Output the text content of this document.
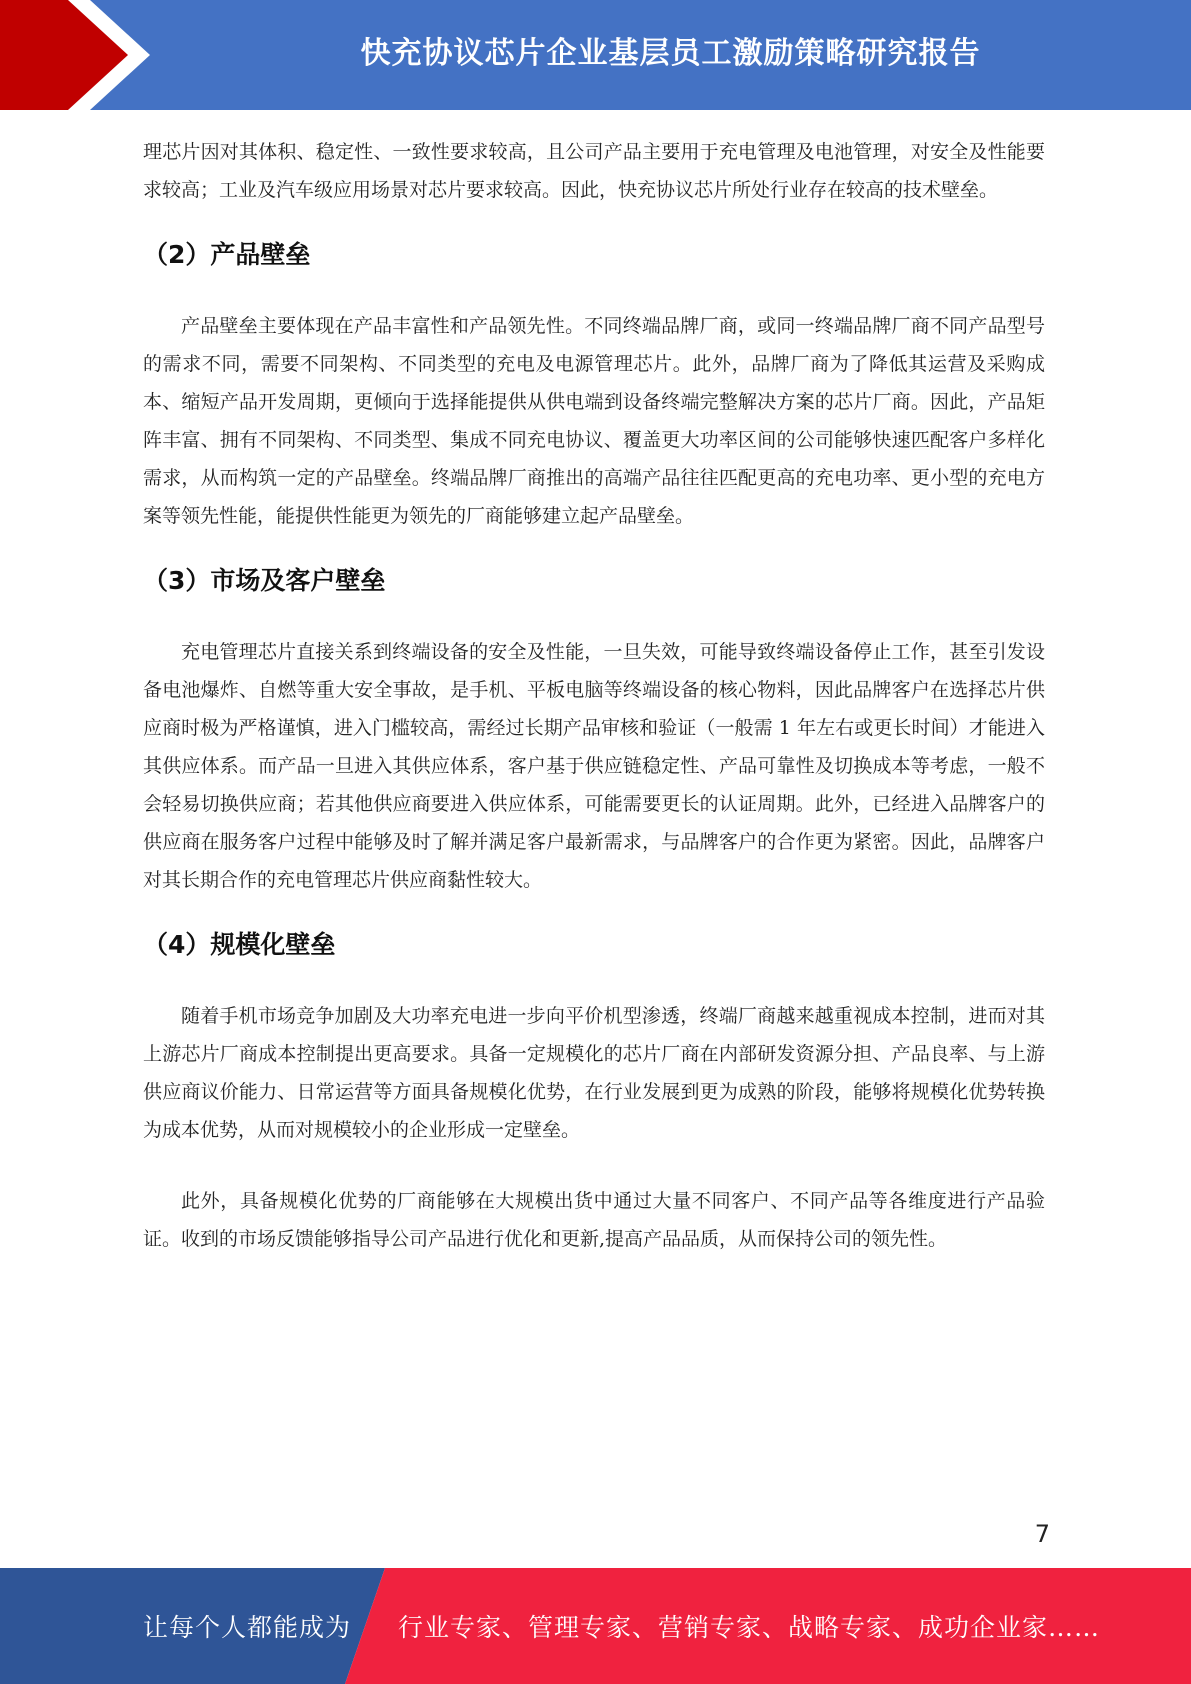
快充协议芯片企业基层员工激励策略研究报告

理芯片因对其体积、稳定性、一致性要求较高，且公司产品主要用于充电管理及电池管理，对安全及性能要求较高；工业及汽车级应用场景对芯片要求较高。因此，快充协议芯片所处行业存在较高的技术壁垒。

（2）产品壁垒

产品壁垒主要体现在产品丰富性和产品领先性。不同终端品牌厂商，或同一终端品牌厂商不同产品型号的需求不同，需要不同架构、不同类型的充电及电源管理芯片。此外，品牌厂商为了降低其运营及采购成本、缩短产品开发周期，更倾向于选择能提供从供电端到设备终端完整解决方案的芯片厂商。因此，产品矩阵丰富、拥有不同架构、不同类型、集成不同充电协议、覆盖更大功率区间的公司能够快速匹配客户多样化需求，从而构筑一定的产品壁垒。终端品牌厂商推出的高端产品往往匹配更高的充电功率、更小型的充电方案等领先性能，能提供性能更为领先的厂商能够建立起产品壁垒。

（3）市场及客户壁垒

充电管理芯片直接关系到终端设备的安全及性能，一旦失效，可能导致终端设备停止工作，甚至引发设备电池爆炸、自燃等重大安全事故，是手机、平板电脑等终端设备的核心物料，因此品牌客户在选择芯片供应商时极为严格谨慎，进入门槛较高，需经过长期产品审核和验证（一般需 1 年左右或更长时间）才能进入其供应体系。而产品一旦进入其供应体系，客户基于供应链稳定性、产品可靠性及切换成本等考虑，一般不会轻易切换供应商；若其他供应商要进入供应体系，可能需要更长的认证周期。此外，已经进入品牌客户的供应商在服务客户过程中能够及时了解并满足客户最新需求，与品牌客户的合作更为紧密。因此，品牌客户对其长期合作的充电管理芯片供应商黏性较大。

（4）规模化壁垒

随着手机市场竞争加剧及大功率充电进一步向平价机型渗透，终端厂商越来越重视成本控制，进而对其上游芯片厂商成本控制提出更高要求。具备一定规模化的芯片厂商在内部研发资源分担、产品良率、与上游供应商议价能力、日常运营等方面具备规模化优势，在行业发展到更为成熟的阶段，能够将规模化优势转换为成本优势，从而对规模较小的企业形成一定壁垒。

此外，具备规模化优势的厂商能够在大规模出货中通过大量不同客户、不同产品等各维度进行产品验证。收到的市场反馈能够指导公司产品进行优化和更新,提高产品品质，从而保持公司的领先性。

7
让每个人都能成为 行业专家、管理专家、营销专家、战略专家、成功企业家……
